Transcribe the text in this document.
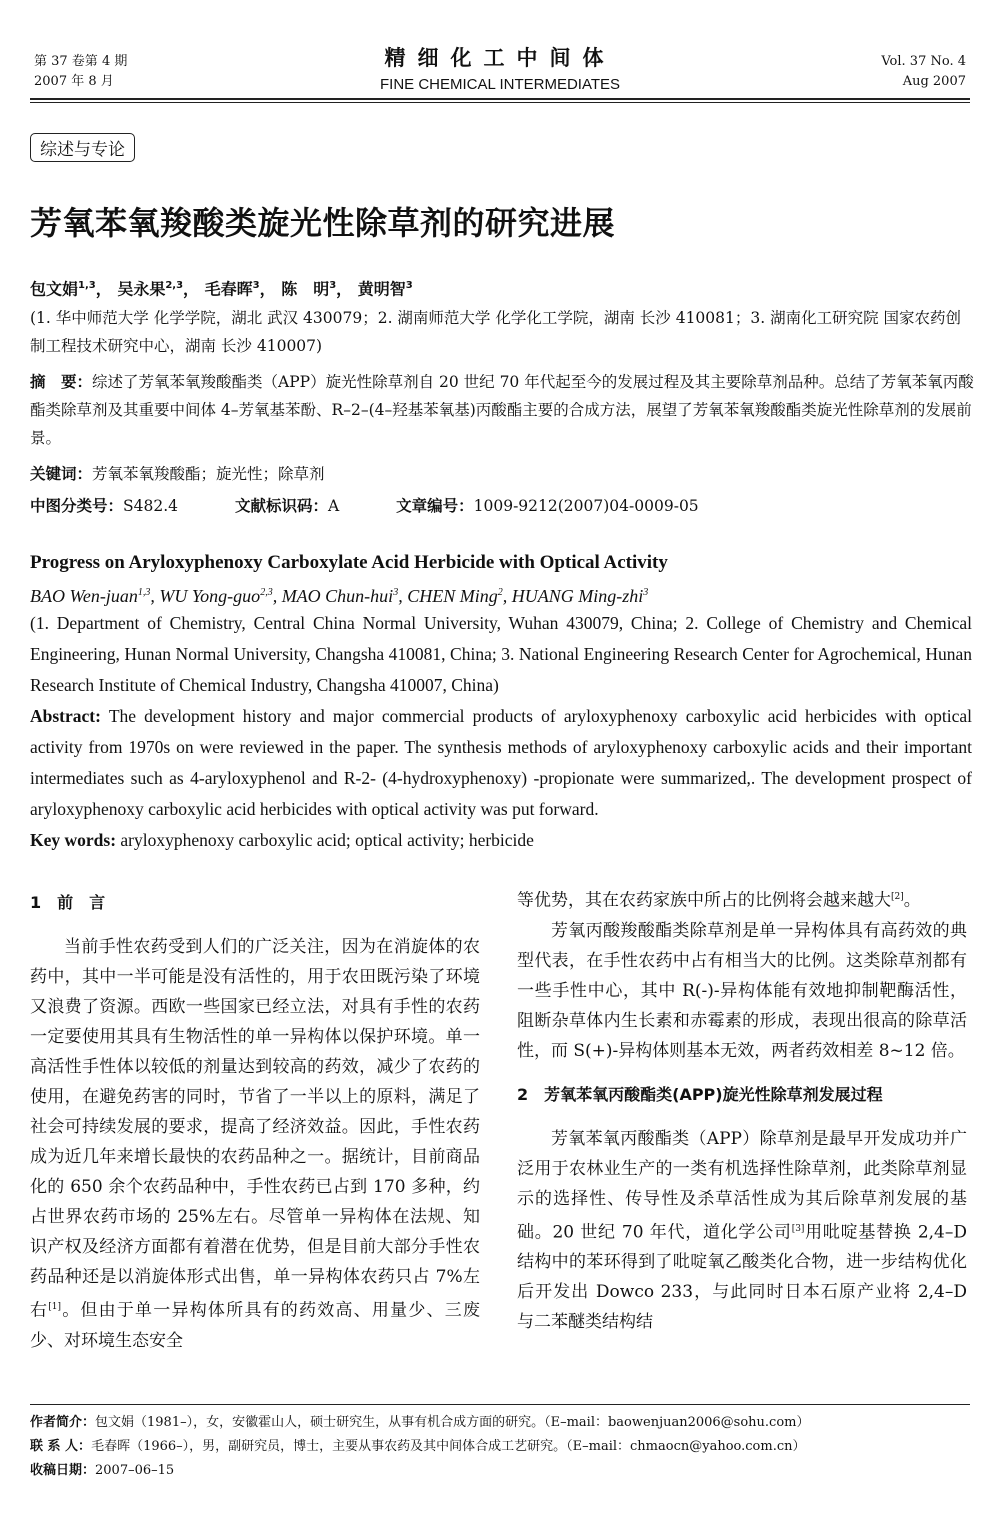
第 37 卷第 4 期
2007 年 8 月
精细化工中间体
FINE CHEMICAL INTERMEDIATES
Vol. 37 No. 4
Aug 2007
综述与专论
芳氧苯氧羧酸类旋光性除草剂的研究进展
包文娟$^{1,3}$， 吴永果$^{2,3}$， 毛春晖$^3$， 陈　明$^3$， 黄明智$^3$
(1. 华中师范大学 化学学院，湖北 武汉 430079；2. 湖南师范大学 化学化工学院，湖南 长沙 410081；3. 湖南化工研究院 国家农药创制工程技术研究中心，湖南 长沙 410007)
摘　要：综述了芳氧苯氧羧酸酯类（APP）旋光性除草剂自 20 世纪 70 年代起至今的发展过程及其主要除草剂品种。总结了芳氧苯氧丙酸酯类除草剂及其重要中间体 4–芳氧基苯酚、R–2–(4–羟基苯氧基)丙酸酯主要的合成方法，展望了芳氧苯氧羧酸酯类旋光性除草剂的发展前景。
关键词：芳氧苯氧羧酸酯；旋光性；除草剂
中图分类号：S482.4	文献标识码：A	文章编号：1009-9212(2007)04-0009-05
Progress on Aryloxyphenoxy Carboxylate Acid Herbicide with Optical Activity
BAO Wen-juan$^{1,3}$, WU Yong-guo$^{2,3}$, MAO Chun-hui$^3$, CHEN Ming$^2$, HUANG Ming-zhi$^3$
(1. Department of Chemistry, Central China Normal University, Wuhan 430079, China; 2. College of Chemistry and Chemical Engineering, Hunan Normal University, Changsha 410081, China; 3. National Engineering Research Center for Agrochemical, Hunan Research Institute of Chemical Industry, Changsha 410007, China)
Abstract: The development history and major commercial products of aryloxyphenoxy carboxylic acid herbicides with optical activity from 1970s on were reviewed in the paper. The synthesis methods of aryloxyphenoxy carboxylic acids and their important intermediates such as 4-aryloxyphenol and R-2- (4-hydroxyphenoxy) -propionate were summarized,. The development prospect of aryloxyphenoxy carboxylic acid herbicides with optical activity was put forward.
Key words: aryloxyphenoxy carboxylic acid; optical activity; herbicide
1　前　言

当前手性农药受到人们的广泛关注，因为在消旋体的农药中，其中一半可能是没有活性的，用于农田既污染了环境又浪费了资源。西欧一些国家已经立法，对具有手性的农药一定要使用其具有生物活性的单一异构体以保护环境。单一高活性手性体以较低的剂量达到较高的药效，减少了农药的使用，在避免药害的同时，节省了一半以上的原料，满足了社会可持续发展的要求，提高了经济效益。因此，手性农药成为近几年来增长最快的农药品种之一。据统计，目前商品化的 650 余个农药品种中，手性农药已占到 170 多种，约占世界农药市场的 25%左右。尽管单一异构体在法规、知识产权及经济方面都有着潜在优势，但是目前大部分手性农药品种还是以消旋体形式出售，单一异构体农药只占 7%左右[1]。但由于单一异构体所具有的药效高、用量少、三废少、对环境生态安全

等优势，其在农药家族中所占的比例将会越来越大[2]。

芳氧丙酸羧酸酯类除草剂是单一异构体具有高药效的典型代表，在手性农药中占有相当大的比例。这类除草剂都有一些手性中心，其中 R(-)-异构体能有效地抑制靶酶活性，阻断杂草体内生长素和赤霉素的形成，表现出很高的除草活性，而 S(+)-异构体则基本无效，两者药效相差 8~12 倍。

2　芳氧苯氧丙酸酯类(APP)旋光性除草剂发展过程

芳氧苯氧丙酸酯类（APP）除草剂是最早开发成功并广泛用于农林业生产的一类有机选择性除草剂，此类除草剂显示的选择性、传导性及杀草活性成为其后除草剂发展的基础。20 世纪 70 年代，道化学公司[3]用吡啶基替换 2,4–D 结构中的苯环得到了吡啶氧乙酸类化合物，进一步结构优化后开发出 Dowco 233，与此同时日本石原产业将 2,4–D 与二苯醚类结构结

作者简介：包文娟（1981–），女，安徽霍山人，硕士研究生，从事有机合成方面的研究。（E–mail：baowenjuan2006@sohu.com）
联 系 人：毛春晖（1966–），男，副研究员，博士，主要从事农药及其中间体合成工艺研究。（E–mail：chmaocn@yahoo.com.cn）
收稿日期：2007–06–15
